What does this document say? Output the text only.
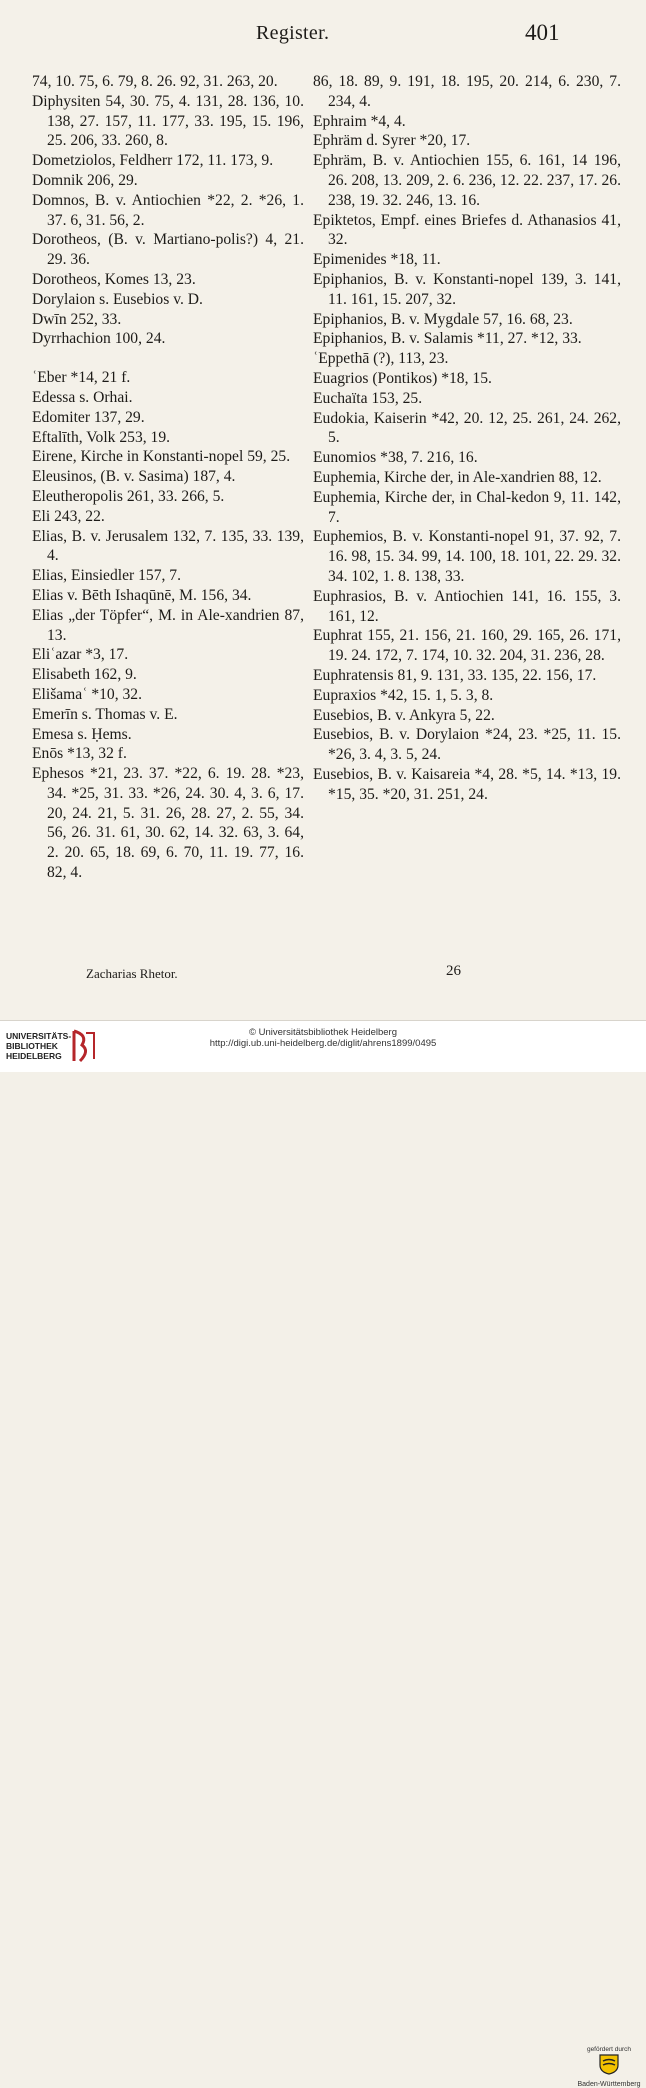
Register.	401

74, 10. 75, 6. 79, 8. 26. 92, 31. 263, 20.

Diphysiten 54, 30. 75, 4. 131, 28. 136, 10. 138, 27. 157, 11. 177, 33. 195, 15. 196, 25. 206, 33. 260, 8.

Dometziolos, Feldherr 172, 11. 173, 9.

Domnik 206, 29.

Domnos, B. v. Antiochien *22, 2. *26, 1. 37. 6, 31. 56, 2.

Dorotheos, (B. v. Martiano-polis?) 4, 21. 29. 36.

Dorotheos, Komes 13, 23.

Dorylaion s. Eusebios v. D.

Dwīn 252, 33.

Dyrrhachion 100, 24.

ʿEber *14, 21 f.

Edessa s. Orhai.

Edomiter 137, 29.

Eftalīth, Volk 253, 19.

Eirene, Kirche in Konstanti-nopel 59, 25.

Eleusinos, (B. v. Sasima) 187, 4.

Eleutheropolis 261, 33. 266, 5.

Eli 243, 22.

Elias, B. v. Jerusalem 132, 7. 135, 33. 139, 4.

Elias, Einsiedler 157, 7.

Elias v. Bēth Ishaqūnē, M. 156, 34.

Elias „der Töpfer“, M. in Ale-xandrien 87, 13.

Eliʿazar *3, 17.

Elisabeth 162, 9.

Elišamaʿ *10, 32.

Emerīn s. Thomas v. E.

Emesa s. Ḥems.

Enōs *13, 32 f.

Ephesos *21, 23. 37. *22, 6. 19. 28. *23, 34. *25, 31. 33. *26, 24. 30. 4, 3. 6, 17. 20, 24. 21, 5. 31. 26, 28. 27, 2. 55, 34. 56, 26. 31. 61, 30. 62, 14. 32. 63, 3. 64, 2. 20. 65, 18. 69, 6. 70, 11. 19. 77, 16. 82, 4.

86, 18. 89, 9. 191, 18. 195, 20. 214, 6. 230, 7. 234, 4.

Ephraim *4, 4.

Ephräm d. Syrer *20, 17.

Ephräm, B. v. Antiochien 155, 6. 161, 14 196, 26. 208, 13. 209, 2. 6. 236, 12. 22. 237, 17. 26. 238, 19. 32. 246, 13. 16.

Epiktetos, Empf. eines Briefes d. Athanasios 41, 32.

Epimenides *18, 11.

Epiphanios, B. v. Konstanti-nopel 139, 3. 141, 11. 161, 15. 207, 32.

Epiphanios, B. v. Mygdale 57, 16. 68, 23.

Epiphanios, B. v. Salamis *11, 27. *12, 33.

ʿEppethā (?), 113, 23.

Euagrios (Pontikos) *18, 15.

Euchaïta 153, 25.

Eudokia, Kaiserin *42, 20. 12, 25. 261, 24. 262, 5.

Eunomios *38, 7. 216, 16.

Euphemia, Kirche der, in Ale-xandrien 88, 12.

Euphemia, Kirche der, in Chal-kedon 9, 11. 142, 7.

Euphemios, B. v. Konstanti-nopel 91, 37. 92, 7. 16. 98, 15. 34. 99, 14. 100, 18. 101, 22. 29. 32. 34. 102, 1. 8. 138, 33.

Euphrasios, B. v. Antiochien 141, 16. 155, 3. 161, 12.

Euphrat 155, 21. 156, 21. 160, 29. 165, 26. 171, 19. 24. 172, 7. 174, 10. 32. 204, 31. 236, 28.

Euphratensis 81, 9. 131, 33. 135, 22. 156, 17.

Eupraxios *42, 15. 1, 5. 3, 8.

Eusebios, B. v. Ankyra 5, 22.

Eusebios, B. v. Dorylaion *24, 23. *25, 11. 15. *26, 3. 4, 3. 5, 24.

Eusebios, B. v. Kaisareia *4, 28. *5, 14. *13, 19. *15, 35. *20, 31. 251, 24.

Zacharias Rhetor.	26
UNIVERSITÄTS-
BIBLIOTHEK
HEIDELBERG
gefördert durch
Baden-Württemberg
© Universitätsbibliothek Heidelberg
http://digi.ub.uni-heidelberg.de/diglit/ahrens1899/0495
